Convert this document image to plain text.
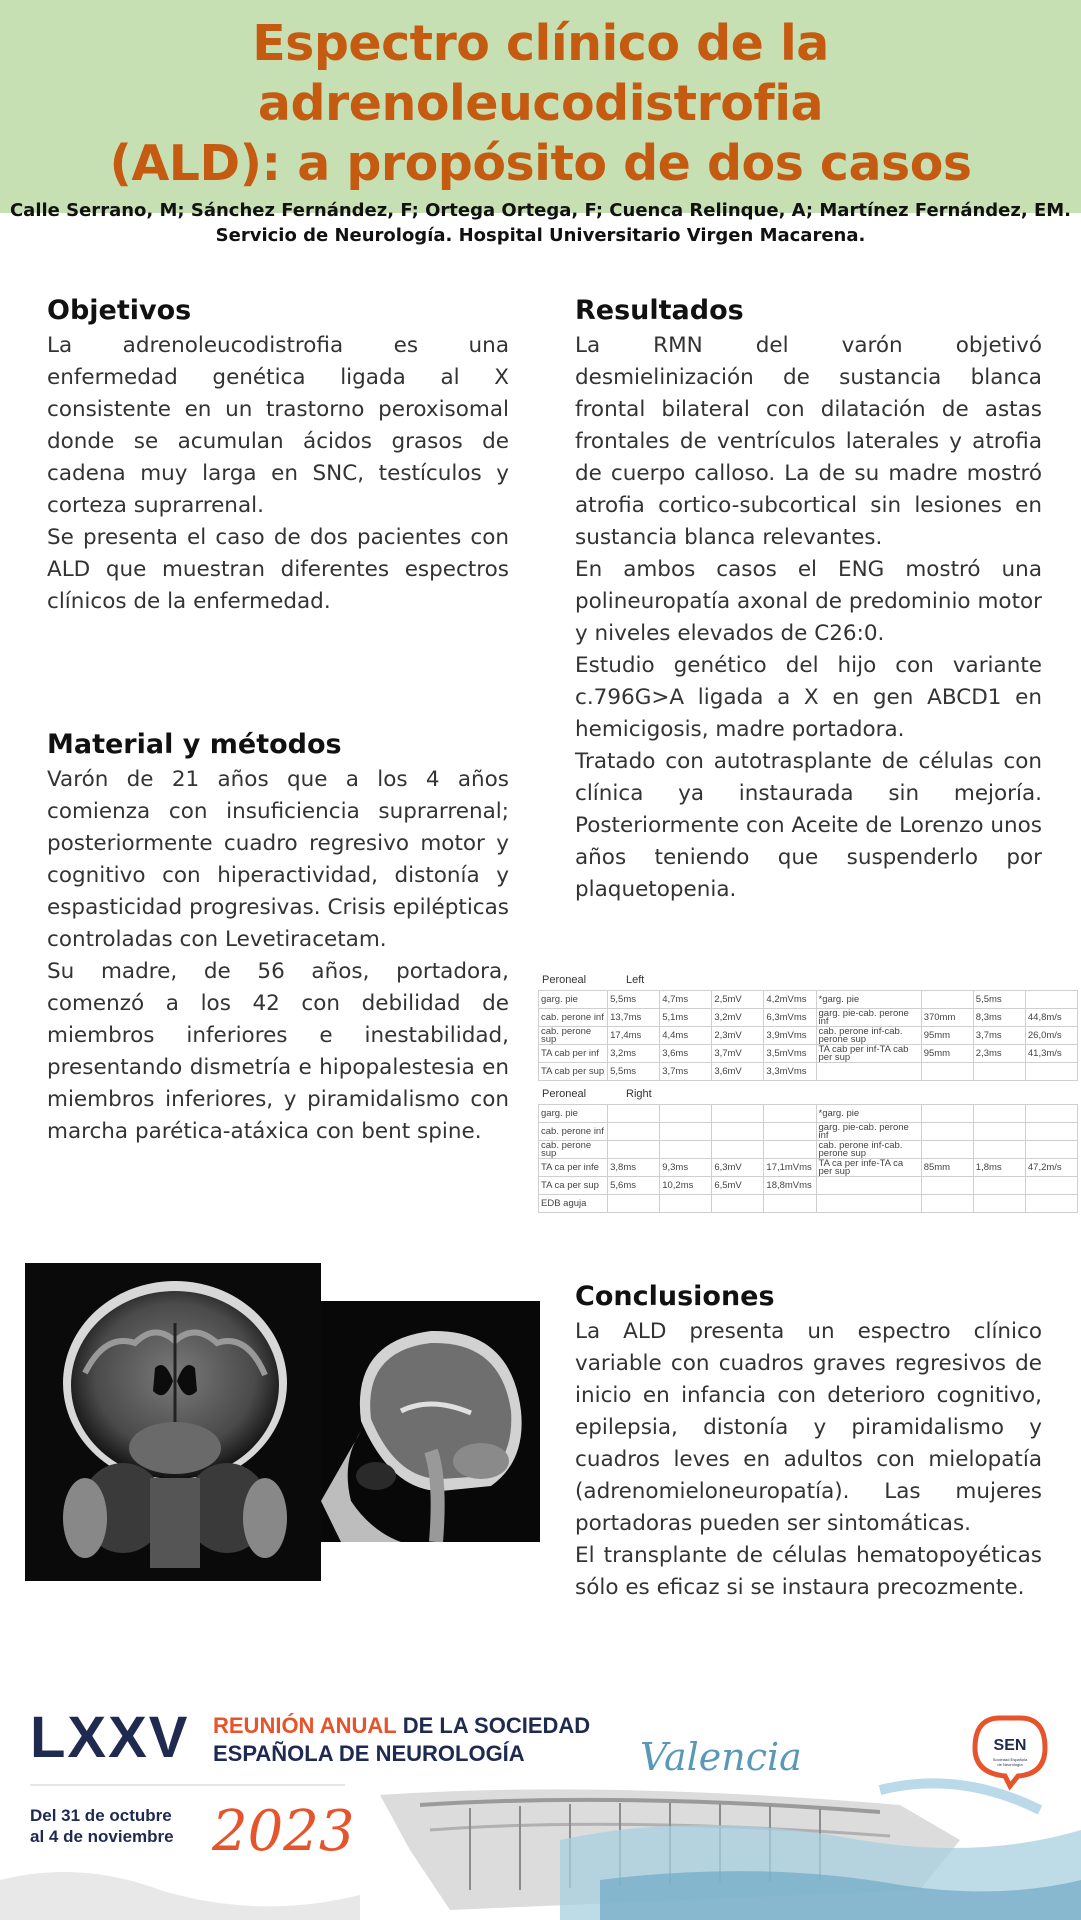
Espectro clínico de la adrenoleucodistrofia
(ALD): a propósito de dos casos
Calle Serrano, M; Sánchez Fernández, F; Ortega Ortega, F; Cuenca Relinque, A; Martínez Fernández, EM.
Servicio de Neurología. Hospital Universitario Virgen Macarena.
Objetivos

La adrenoleucodistrofia es una enfermedad genética ligada al X consistente en un trastorno peroxisomal donde se acumulan ácidos grasos de cadena muy larga en SNC, testículos y corteza suprarrenal.

Se presenta el caso de dos pacientes con ALD que muestran diferentes espectros clínicos de la enfermedad.

Material y métodos

Varón de 21 años que a los 4 años comienza con insuficiencia suprarrenal; posteriormente cuadro regresivo motor y cognitivo con hiperactividad, distonía y espasticidad progresivas. Crisis epilépticas controladas con Levetiracetam.

Su madre, de 56 años, portadora, comenzó a los 42 con debilidad de miembros inferiores e inestabilidad, presentando dismetría e hipopalestesia en miembros inferiores, y piramidalismo con marcha parética-atáxica con bent spine.

Resultados

La RMN del varón objetivó desmielinización de sustancia blanca frontal bilateral con dilatación de astas frontales de ventrículos laterales y atrofia de cuerpo calloso. La de su madre mostró atrofia cortico-subcortical sin lesiones en sustancia blanca relevantes.

En ambos casos el ENG mostró una polineuropatía axonal de predominio motor y niveles elevados de C26:0.

Estudio genético del hijo con variante c.796G>A ligada a X en gen ABCD1 en hemicigosis, madre portadora.

Tratado con autotrasplante de células con clínica ya instaurada sin mejoría. Posteriormente con Aceite de Lorenzo unos años teniendo que suspenderlo por plaquetopenia.

Peroneal	Left
garg. pie	5,5ms	4,7ms	2,5mV	4,2mVms	*garg. pie		5,5ms	
cab. perone inf	13,7ms	5,1ms	3,2mV	6,3mVms	garg. pie-cab. perone inf	370mm	8,3ms	44,8m/s
cab. perone sup	17,4ms	4,4ms	2,3mV	3,9mVms	cab. perone inf-cab. perone sup	95mm	3,7ms	26,0m/s
TA cab per inf	3,2ms	3,6ms	3,7mV	3,5mVms	TA cab per inf-TA cab per sup	95mm	2,3ms	41,3m/s
TA cab per sup	5,5ms	3,7ms	3,6mV	3,3mVms				
Peroneal	Right
garg. pie					*garg. pie			
cab. perone inf					garg. pie-cab. perone inf			
cab. perone sup					cab. perone inf-cab. perone sup			
TA ca per infe	3,8ms	9,3ms	6,3mV	17,1mVms	TA ca per infe-TA ca per sup	85mm	1,8ms	47,2m/s
TA ca per sup	5,6ms	10,2ms	6,5mV	18,8mVms				
EDB aguja								
Conclusiones

La ALD presenta un espectro clínico variable con cuadros graves regresivos de inicio en infancia con deterioro cognitivo, epilepsia, distonía y piramidalismo y cuadros leves en adultos con mielopatía (adrenomieloneuropatía). Las mujeres portadoras pueden ser sintomáticas.

El transplante de células hematopoyéticas sólo es eficaz si se instaura precozmente.

LXXV REUNIÓN ANUAL DE LA SOCIEDAD
ESPAÑOLA DE NEUROLOGÍA	Valencia
Del 31 de octubre
al 4 de noviembre 2023
SEN
Sociedad Española
de Neurología
